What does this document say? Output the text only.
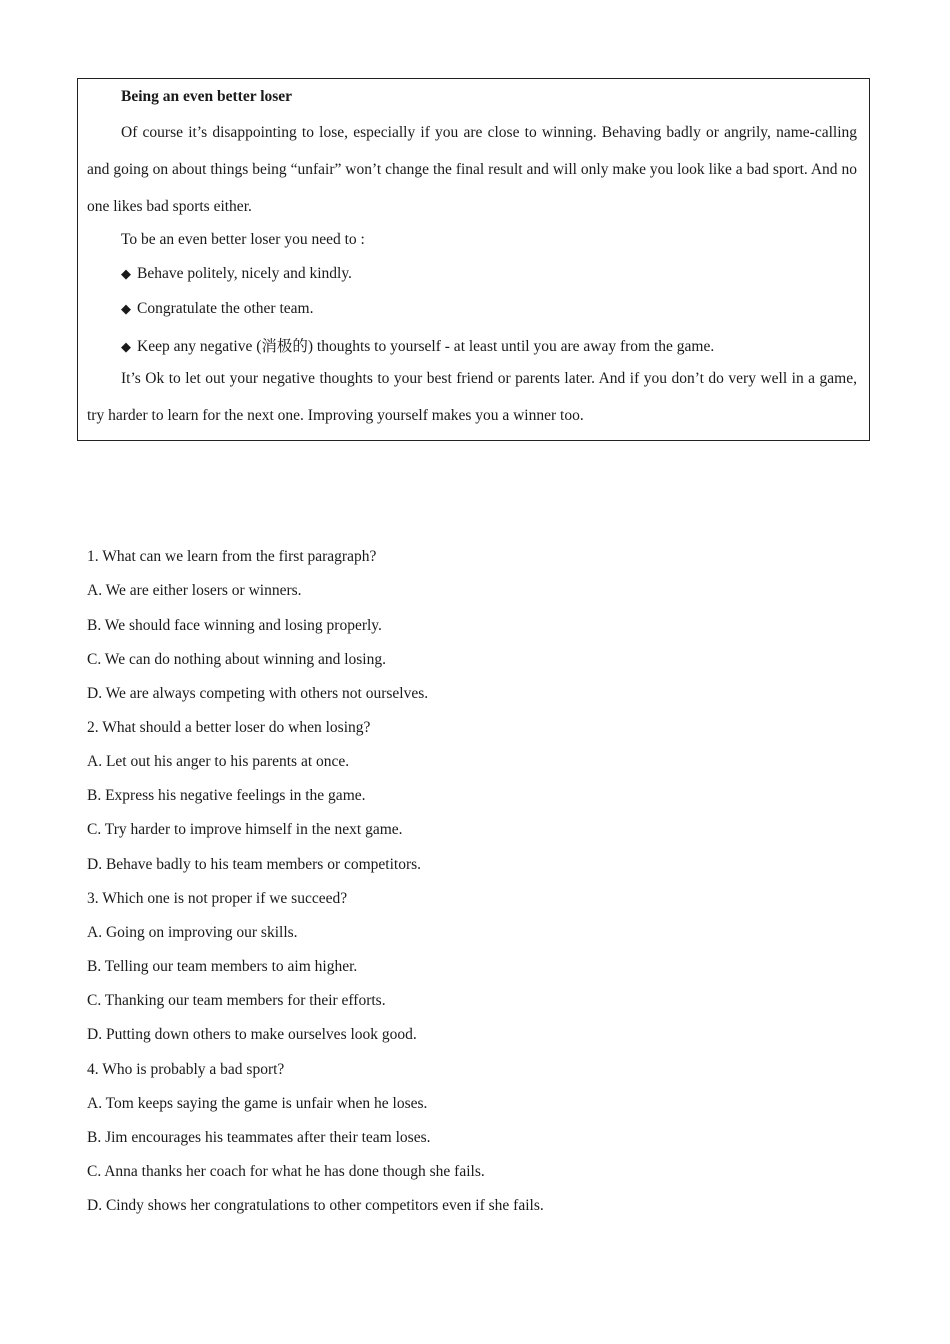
Being an even better loser
Of course it’s disappointing to lose, especially if you are close to winning. Behaving badly or angrily, name-calling and going on about things being “unfair” won’t change the final result and will only make you look like a bad sport. And no one likes bad sports either.
To be an even better loser you need to :
◆ Behave politely, nicely and kindly.
◆ Congratulate the other team.
◆ Keep any negative (消极的) thoughts to yourself - at least until you are away from the game.
It’s Ok to let out your negative thoughts to your best friend or parents later. And if you don’t do very well in a game, try harder to learn for the next one. Improving yourself makes you a winner too.
1. What can we learn from the first paragraph?
A. We are either losers or winners.
B. We should face winning and losing properly.
C. We can do nothing about winning and losing.
D. We are always competing with others not ourselves.
2. What should a better loser do when losing?
A. Let out his anger to his parents at once.
B. Express his negative feelings in the game.
C. Try harder to improve himself in the next game.
D. Behave badly to his team members or competitors.
3. Which one is not proper if we succeed?
A. Going on improving our skills.
B. Telling our team members to aim higher.
C. Thanking our team members for their efforts.
D. Putting down others to make ourselves look good.
4. Who is probably a bad sport?
A. Tom keeps saying the game is unfair when he loses.
B. Jim encourages his teammates after their team loses.
C. Anna thanks her coach for what he has done though she fails.
D. Cindy shows her congratulations to other competitors even if she fails.
